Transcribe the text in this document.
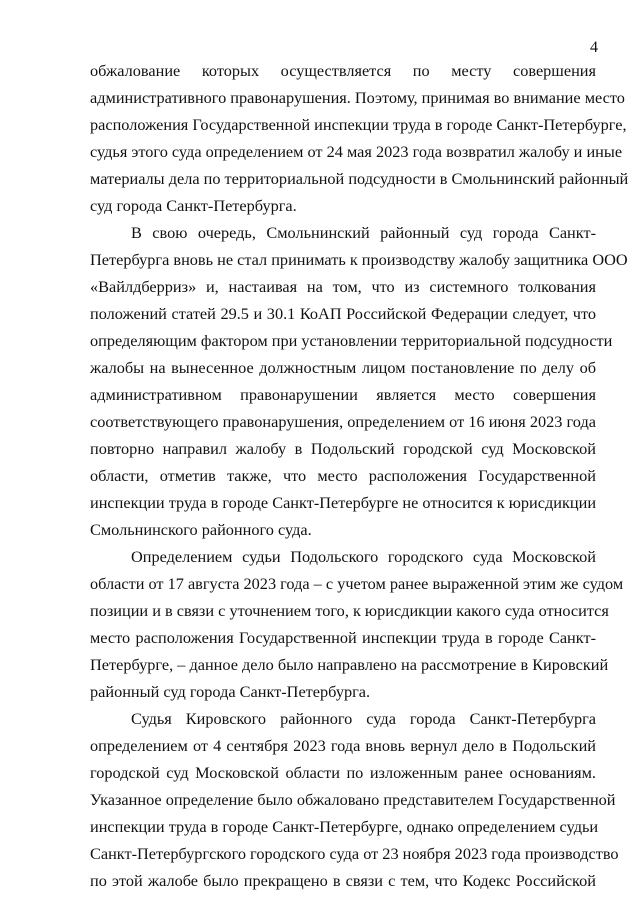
4
обжалование которых осуществляется по месту совершения
административного правонарушения. Поэтому, принимая во внимание место
расположения Государственной инспекции труда в городе Санкт-Петербурге,
судья этого суда определением от 24 мая 2023 года возвратил жалобу и иные
материалы дела по территориальной подсудности в Смольнинский районный
суд города Санкт-Петербурга.
В свою очередь, Смольнинский районный суд города Санкт-
Петербурга вновь не стал принимать к производству жалобу защитника ООО
«Вайлдберриз» и, настаивая на том, что из системного толкования
положений статей 29.5 и 30.1 КоАП Российской Федерации следует, что
определяющим фактором при установлении территориальной подсудности
жалобы на вынесенное должностным лицом постановление по делу об
административном правонарушении является место совершения
соответствующего правонарушения, определением от 16 июня 2023 года
повторно направил жалобу в Подольский городской суд Московской
области, отметив также, что место расположения Государственной
инспекции труда в городе Санкт-Петербурге не относится к юрисдикции
Смольнинского районного суда.
Определением судьи Подольского городского суда Московской
области от 17 августа 2023 года – с учетом ранее выраженной этим же судом
позиции и в связи с уточнением того, к юрисдикции какого суда относится
место расположения Государственной инспекции труда в городе Санкт-
Петербурге, – данное дело было направлено на рассмотрение в Кировский
районный суд города Санкт-Петербурга.
Судья Кировского районного суда города Санкт-Петербурга
определением от 4 сентября 2023 года вновь вернул дело в Подольский
городской суд Московской области по изложенным ранее основаниям.
Указанное определение было обжаловано представителем Государственной
инспекции труда в городе Санкт-Петербурге, однако определением судьи
Санкт-Петербургского городского суда от 23 ноября 2023 года производство
по этой жалобе было прекращено в связи с тем, что Кодекс Российской
